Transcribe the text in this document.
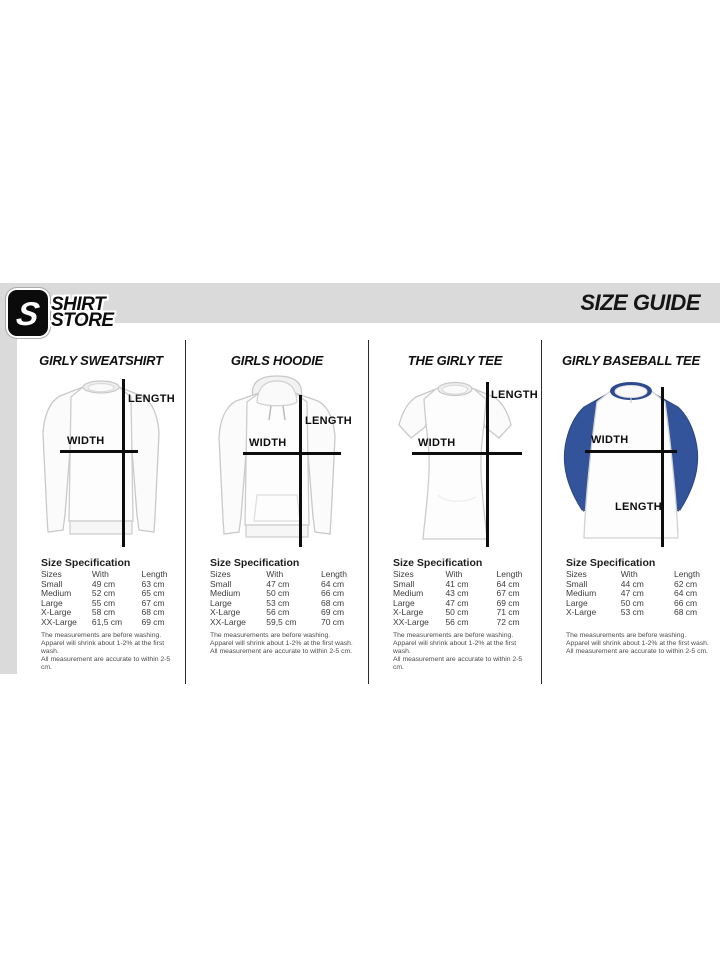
S SHIRT
STORE
SIZE GUIDE
GIRLY SWEATSHIRT
LENGTH
WIDTH
Size Specification
Sizes	With	Length
Small	49 cm	63 cm
Medium	52 cm	65 cm
Large	55 cm	67 cm
X-Large	58 cm	68 cm
XX-Large	61,5 cm	69 cm
The measurements are before washing.
Apparel will shrink about 1-2% at the first wash.
All measurement are accurate to within 2-5 cm.
GIRLS HOODIE
LENGTH
WIDTH
Size Specification
Sizes	With	Length
Small	47 cm	64 cm
Medium	50 cm	66 cm
Large	53 cm	68 cm
X-Large	56 cm	69 cm
XX-Large	59,5 cm	70 cm
The measurements are before washing.
Apparel will shrink about 1-2% at the first wash.
All measurement are accurate to within 2-5 cm.
THE GIRLY TEE
LENGTH
WIDTH
Size Specification
Sizes	With	Length
Small	41 cm	64 cm
Medium	43 cm	67 cm
Large	47 cm	69 cm
X-Large	50 cm	71 cm
XX-Large	56 cm	72 cm
The measurements are before washing.
Apparel will shrink about 1-2% at the first wash.
All measurement are accurate to within 2-5 cm.
GIRLY BASEBALL TEE
WIDTH
LENGTH
Size Specification
Sizes	With	Length
Small	44 cm	62 cm
Medium	47 cm	64 cm
Large	50 cm	66 cm
X-Large	53 cm	68 cm
The measurements are before washing.
Apparel will shrink about 1-2% at the first wash.
All measurement are accurate to within 2-5 cm.
